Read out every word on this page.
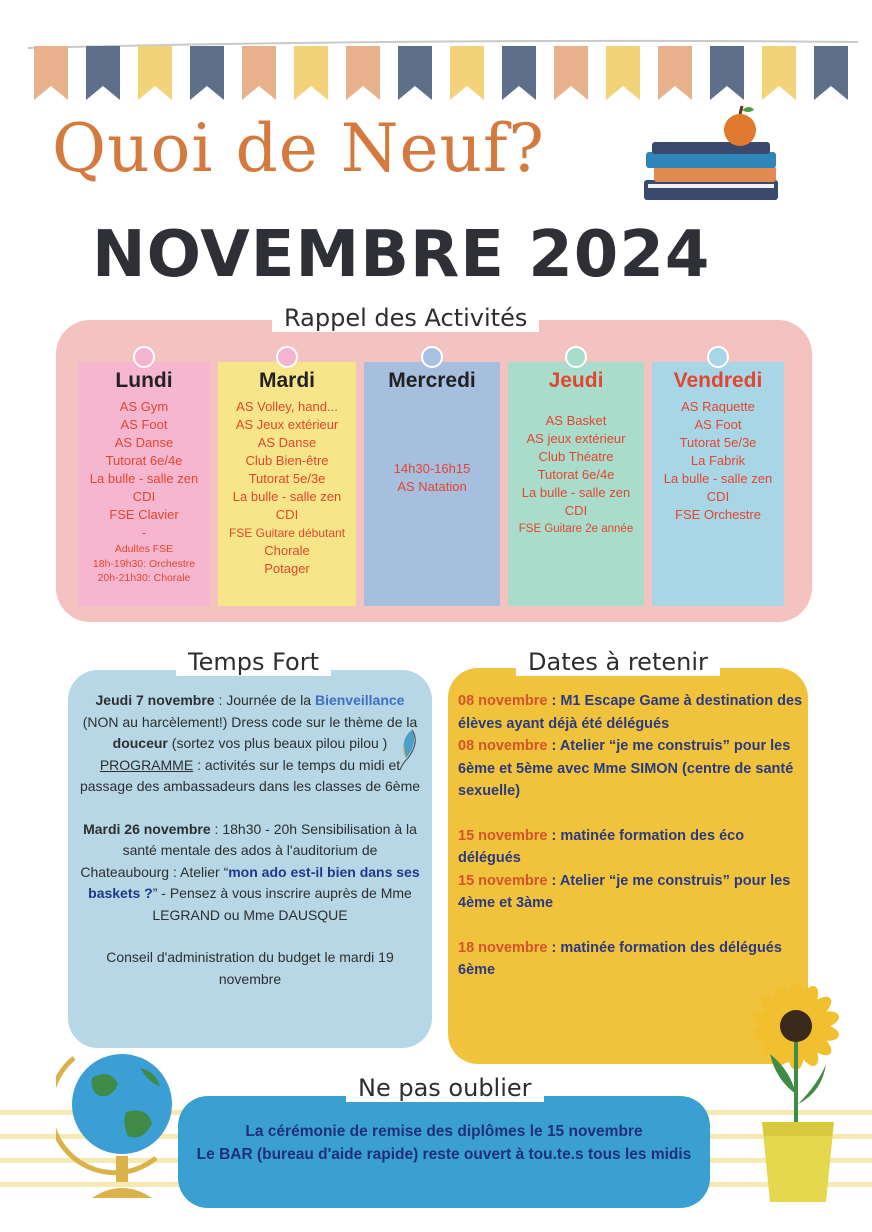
Quoi de Neuf?
NOVEMBRE 2024
Rappel des Activités
Lundi
AS Gym
AS Foot
AS Danse
Tutorat 6e/4e
La bulle - salle zen
CDI
FSE Clavier
-
Adultes FSE
18h-19h30: Orchestre
20h-21h30: Chorale
Mardi
AS Volley, hand...
AS Jeux extérieur
AS Danse
Club Bien-être
Tutorat 5e/3e
La bulle - salle zen
CDI
FSE Guitare débutant
Chorale
Potager
Mercredi
14h30-16h15
AS Natation
Jeudi
AS Basket
AS jeux extérieur
Club Théatre
Tutorat 6e/4e
La bulle - salle zen
CDI
FSE Guitare 2e année
Vendredi
AS Raquette
AS Foot
Tutorat 5e/3e
La Fabrik
La bulle - salle zen
CDI
FSE Orchestre
Temps Fort

Jeudi 7 novembre : Journée de la Bienveillance (NON au harcèlement!) Dress code sur le thème de la douceur (sortez vos plus beaux pilou pilou ) PROGRAMME : activités sur le temps du midi et passage des ambassadeurs dans les classes de 6ème

Mardi 26 novembre : 18h30 - 20h Sensibilisation à la santé mentale des ados à l'auditorium de Chateaubourg : Atelier “mon ado est-il bien dans ses baskets ?” - Pensez à vous inscrire auprès de Mme LEGRAND ou Mme DAUSQUE

Conseil d'administration du budget le mardi 19 novembre

Dates à retenir
08 novembre : M1 Escape Game à destination des élèves ayant déjà été délégués
08 novembre : Atelier “je me construis” pour les 6ème et 5ème avec Mme SIMON (centre de santé sexuelle)
15 novembre : matinée formation des éco délégués
15 novembre : Atelier “je me construis” pour les 4ème et 3àme
18 novembre : matinée formation des délégués 6ème
Ne pas oublier
La cérémonie de remise des diplômes le 15 novembre
Le BAR (bureau d'aide rapide) reste ouvert à tou.te.s tous les midis
